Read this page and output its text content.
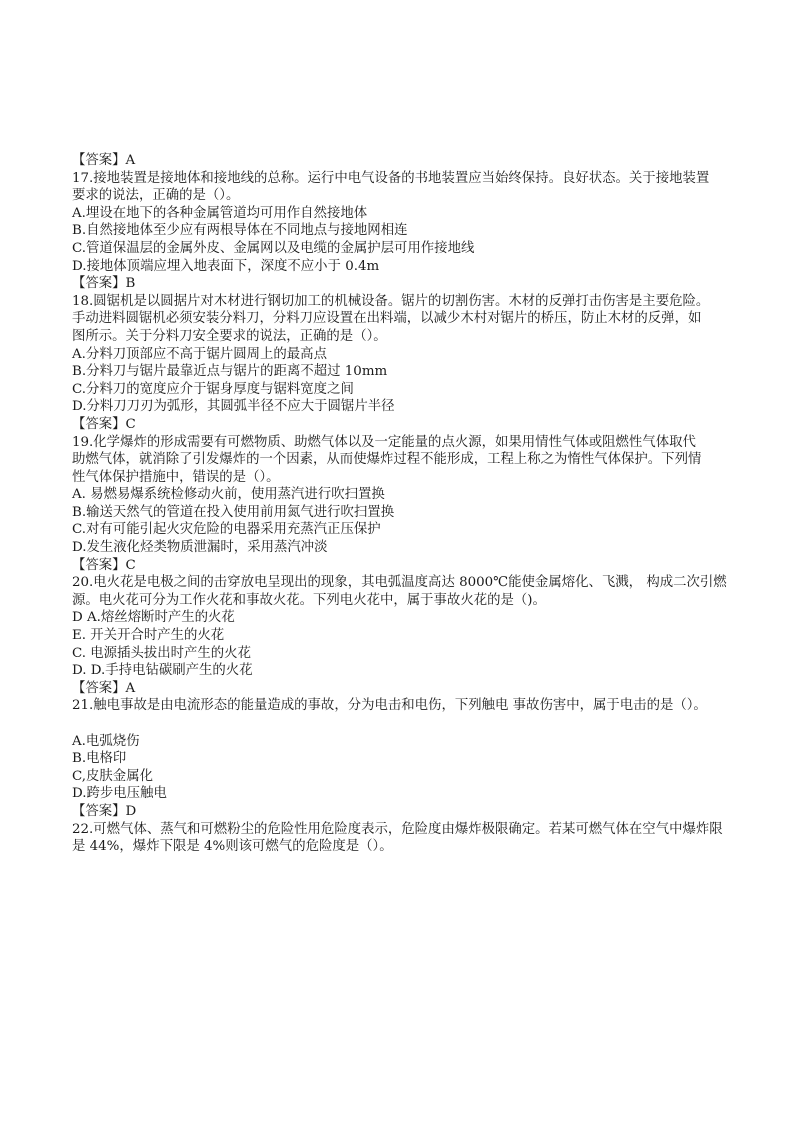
【答案】A
17.接地装置是接地体和接地线的总称。运行中电气设备的书地装置应当始终保持。良好状态。关于接地装置
要求的说法，正确的是（）。
A.埋设在地下的各种金属管道均可用作自然接地体
B.自然接地体至少应有两根导体在不同地点与接地网相连
C.管道保温层的金属外皮、金属网以及电缆的金属护层可用作接地线
D.接地体顶端应埋入地表面下，深度不应小于 0.4m
【答案】B
18.圆锯机是以圆据片对木材进行钢切加工的机械设备。锯片的切割伤害。木材的反弹打击伤害是主要危险。
手动进料圆锯机必须安装分料刀，分料刀应设置在出料端，以减少木村对锯片的桥压，防止木材的反弹，如
图所示。关于分料刀安全要求的说法，正确的是（）。
A.分料刀顶部应不高于锯片圆周上的最高点
B.分料刀与锯片最靠近点与锯片的距离不超过 10mm
C.分料刀的宽度应介于锯身厚度与锯料宽度之间
D.分料刀刀刃为弧形，其圆弧半径不应大于圆锯片半径
【答案】C
19.化学爆炸的形成需要有可燃物质、助燃气体以及一定能量的点火源，如果用情性气体或阻燃性气体取代
助燃气体，就消除了引发爆炸的一个因素，从而使爆炸过程不能形成，工程上称之为惰性气体保护。下列情
性气体保护措施中，错误的是（）。
A. 易燃易爆系统检修动火前，使用蒸汽进行吹扫置换
B.输送天然气的管道在投入使用前用氮气进行吹扫置换
C.对有可能引起火灾危险的电器采用充蒸汽正压保护
D.发生液化烃类物质泄漏时，采用蒸汽冲淡
【答案】C
20.电火花是电极之间的击穿放电呈现出的现象，其电弧温度高达 8000℃能使金属熔化、飞溅， 构成二次引燃
源。电火花可分为工作火花和事故火花。下列电火花中，属于事故火花的是（)。
D A.熔丝熔断时产生的火花
E. 开关开合时产生的火花
C. 电源插头拔出时产生的火花
D. D.手持电钻碳刷产生的火花
【答案】A
21.触电事故是由电流形态的能量造成的事故，分为电击和电伤，下列触电 事故伤害中，属于电击的是（）。
A.电弧烧伤
B.电格印
C,皮肤金属化
D.跨步电压触电
【答案】D
22.可燃气体、蒸气和可燃粉尘的危险性用危险度表示，危险度由爆炸极限确定。若某可燃气体在空气中爆炸限
是 44%，爆炸下限是 4%则该可燃气的危险度是（）。
